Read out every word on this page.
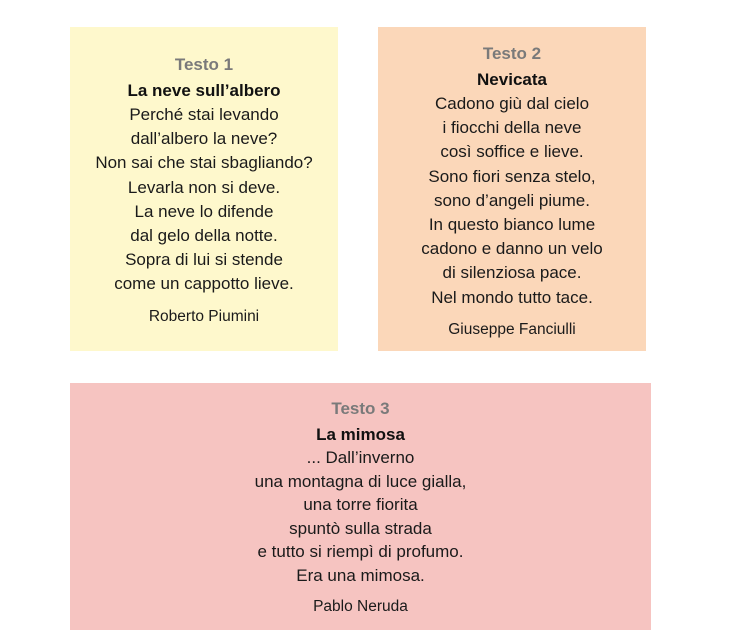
Testo 1
La neve sull’albero
Perché stai levando
dall’albero la neve?
Non sai che stai sbagliando?
Levarla non si deve.
La neve lo difende
dal gelo della notte.
Sopra di lui si stende
come un cappotto lieve.
Roberto Piumini
Testo 2
Nevicata
Cadono giù dal cielo
i fiocchi della neve
così soffice e lieve.
Sono fiori senza stelo,
sono d’angeli piume.
In questo bianco lume
cadono e danno un velo
di silenziosa pace.
Nel mondo tutto tace.
Giuseppe Fanciulli
Testo 3
La mimosa
... Dall’inverno
una montagna di luce gialla,
una torre fiorita
spuntò sulla strada
e tutto si riempì di profumo.
Era una mimosa.
Pablo Neruda
